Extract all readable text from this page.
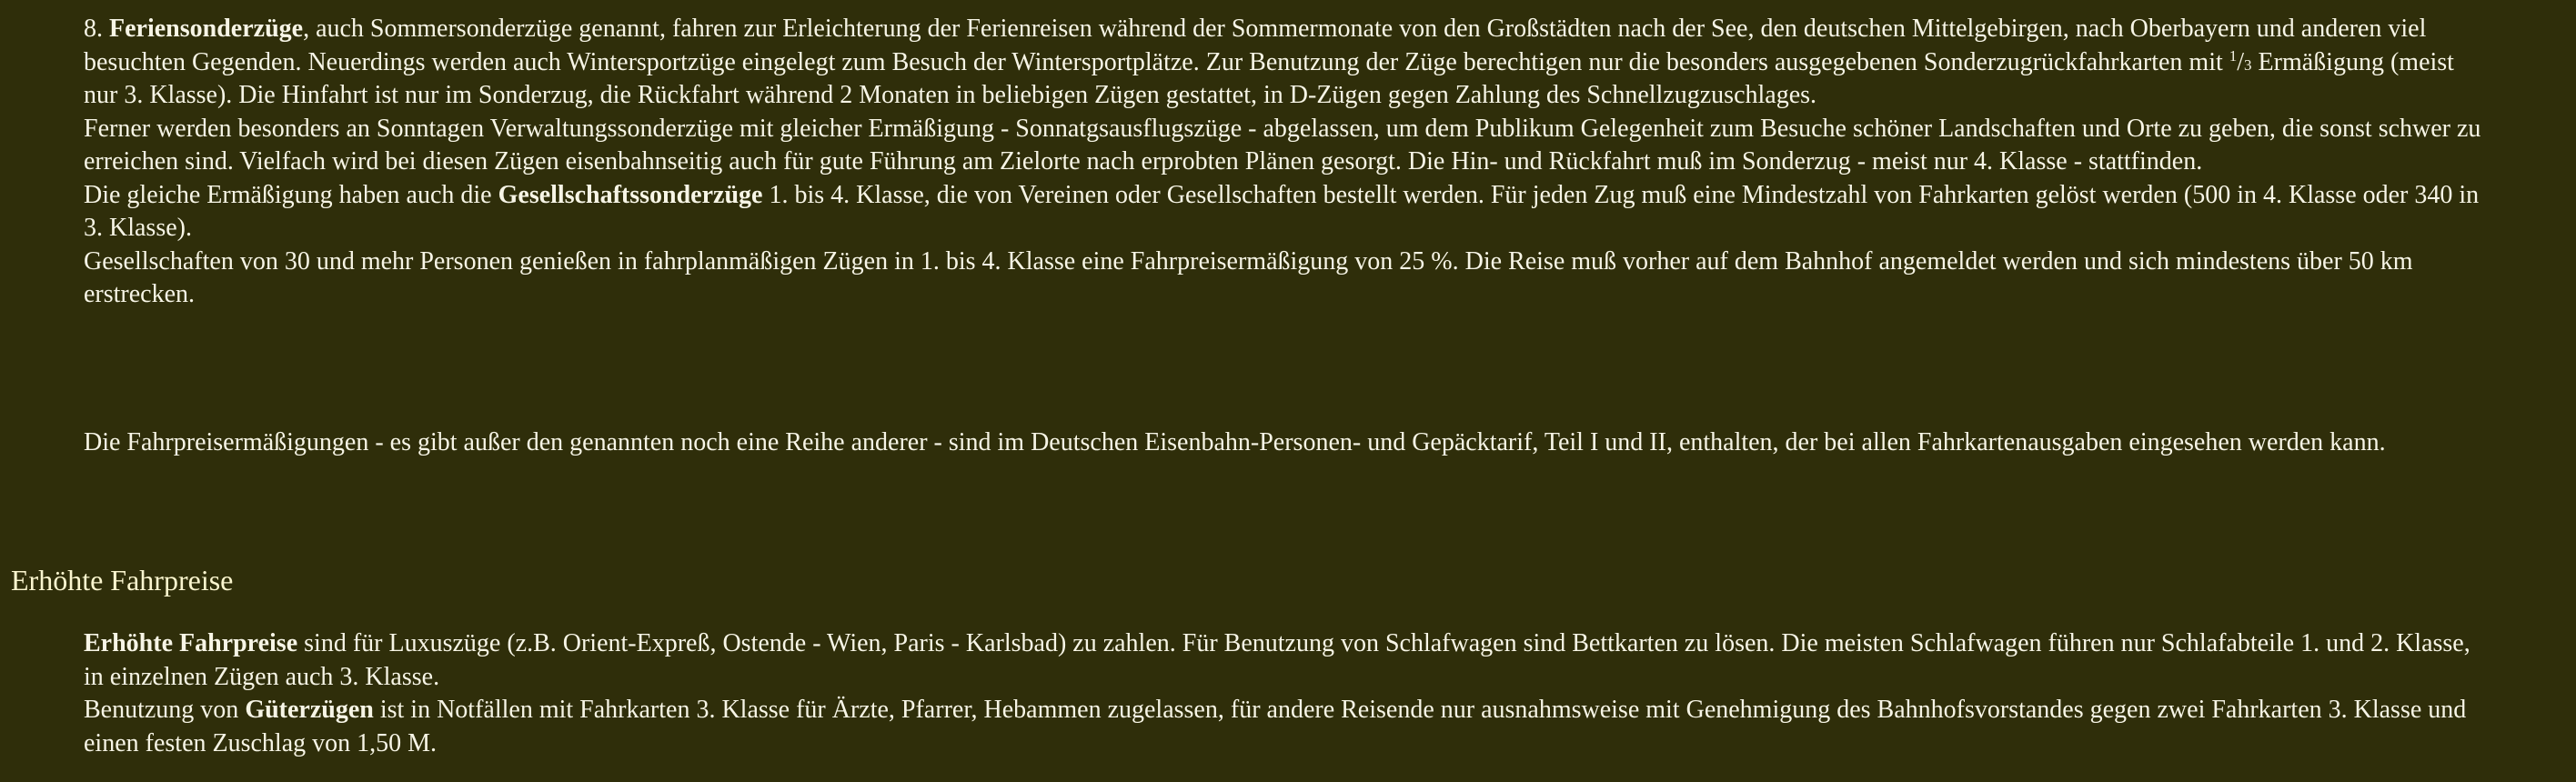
8. Feriensonderzüge, auch Sommersonderzüge genannt, fahren zur Erleichterung der Ferienreisen während der Sommermonate von den Großstädten nach der See, den deutschen Mittelgebirgen, nach Oberbayern und anderen viel besuchten Gegenden. Neuerdings werden auch Wintersportzüge eingelegt zum Besuch der Wintersportplätze. Zur Benutzung der Züge berechtigen nur die besonders ausgegebenen Sonderzugrückfahrkarten mit $^1$/3 Ermäßigung (meist nur 3. Klasse). Die Hinfahrt ist nur im Sonderzug, die Rückfahrt während 2 Monaten in beliebigen Zügen gestattet, in D-Zügen gegen Zahlung des Schnellzugzuschlages.

Ferner werden besonders an Sonntagen Verwaltungssonderzüge mit gleicher Ermäßigung - Sonnatgsausflugszüge - abgelassen, um dem Publikum Gelegenheit zum Besuche schöner Landschaften und Orte zu geben, die sonst schwer zu erreichen sind. Vielfach wird bei diesen Zügen eisenbahnseitig auch für gute Führung am Zielorte nach erprobten Plänen gesorgt. Die Hin- und Rückfahrt muß im Sonderzug - meist nur 4. Klasse - stattfinden.

Die gleiche Ermäßigung haben auch die Gesellschaftssonderzüge 1. bis 4. Klasse, die von Vereinen oder Gesellschaften bestellt werden. Für jeden Zug muß eine Mindestzahl von Fahrkarten gelöst werden (500 in 4. Klasse oder 340 in 3. Klasse).

Gesellschaften von 30 und mehr Personen genießen in fahrplanmäßigen Zügen in 1. bis 4. Klasse eine Fahrpreisermäßigung von 25 %. Die Reise muß vorher auf dem Bahnhof angemeldet werden und sich mindestens über 50 km erstrecken.

Die Fahrpreisermäßigungen - es gibt außer den genannten noch eine Reihe anderer - sind im Deutschen Eisenbahn-Personen- und Gepäcktarif, Teil I und II, enthalten, der bei allen Fahrkartenausgaben eingesehen werden kann.

Erhöhte Fahrpreise

Erhöhte Fahrpreise sind für Luxuszüge (z.B. Orient-Expreß, Ostende - Wien, Paris - Karlsbad) zu zahlen. Für Benutzung von Schlafwagen sind Bettkarten zu lösen. Die meisten Schlafwagen führen nur Schlafabteile 1. und 2. Klasse, in einzelnen Zügen auch 3. Klasse.

Benutzung von Güterzügen ist in Notfällen mit Fahrkarten 3. Klasse für Ärzte, Pfarrer, Hebammen zugelassen, für andere Reisende nur ausnahmsweise mit Genehmigung des Bahnhofsvorstandes gegen zwei Fahrkarten 3. Klasse und einen festen Zuschlag von 1,50 M.
